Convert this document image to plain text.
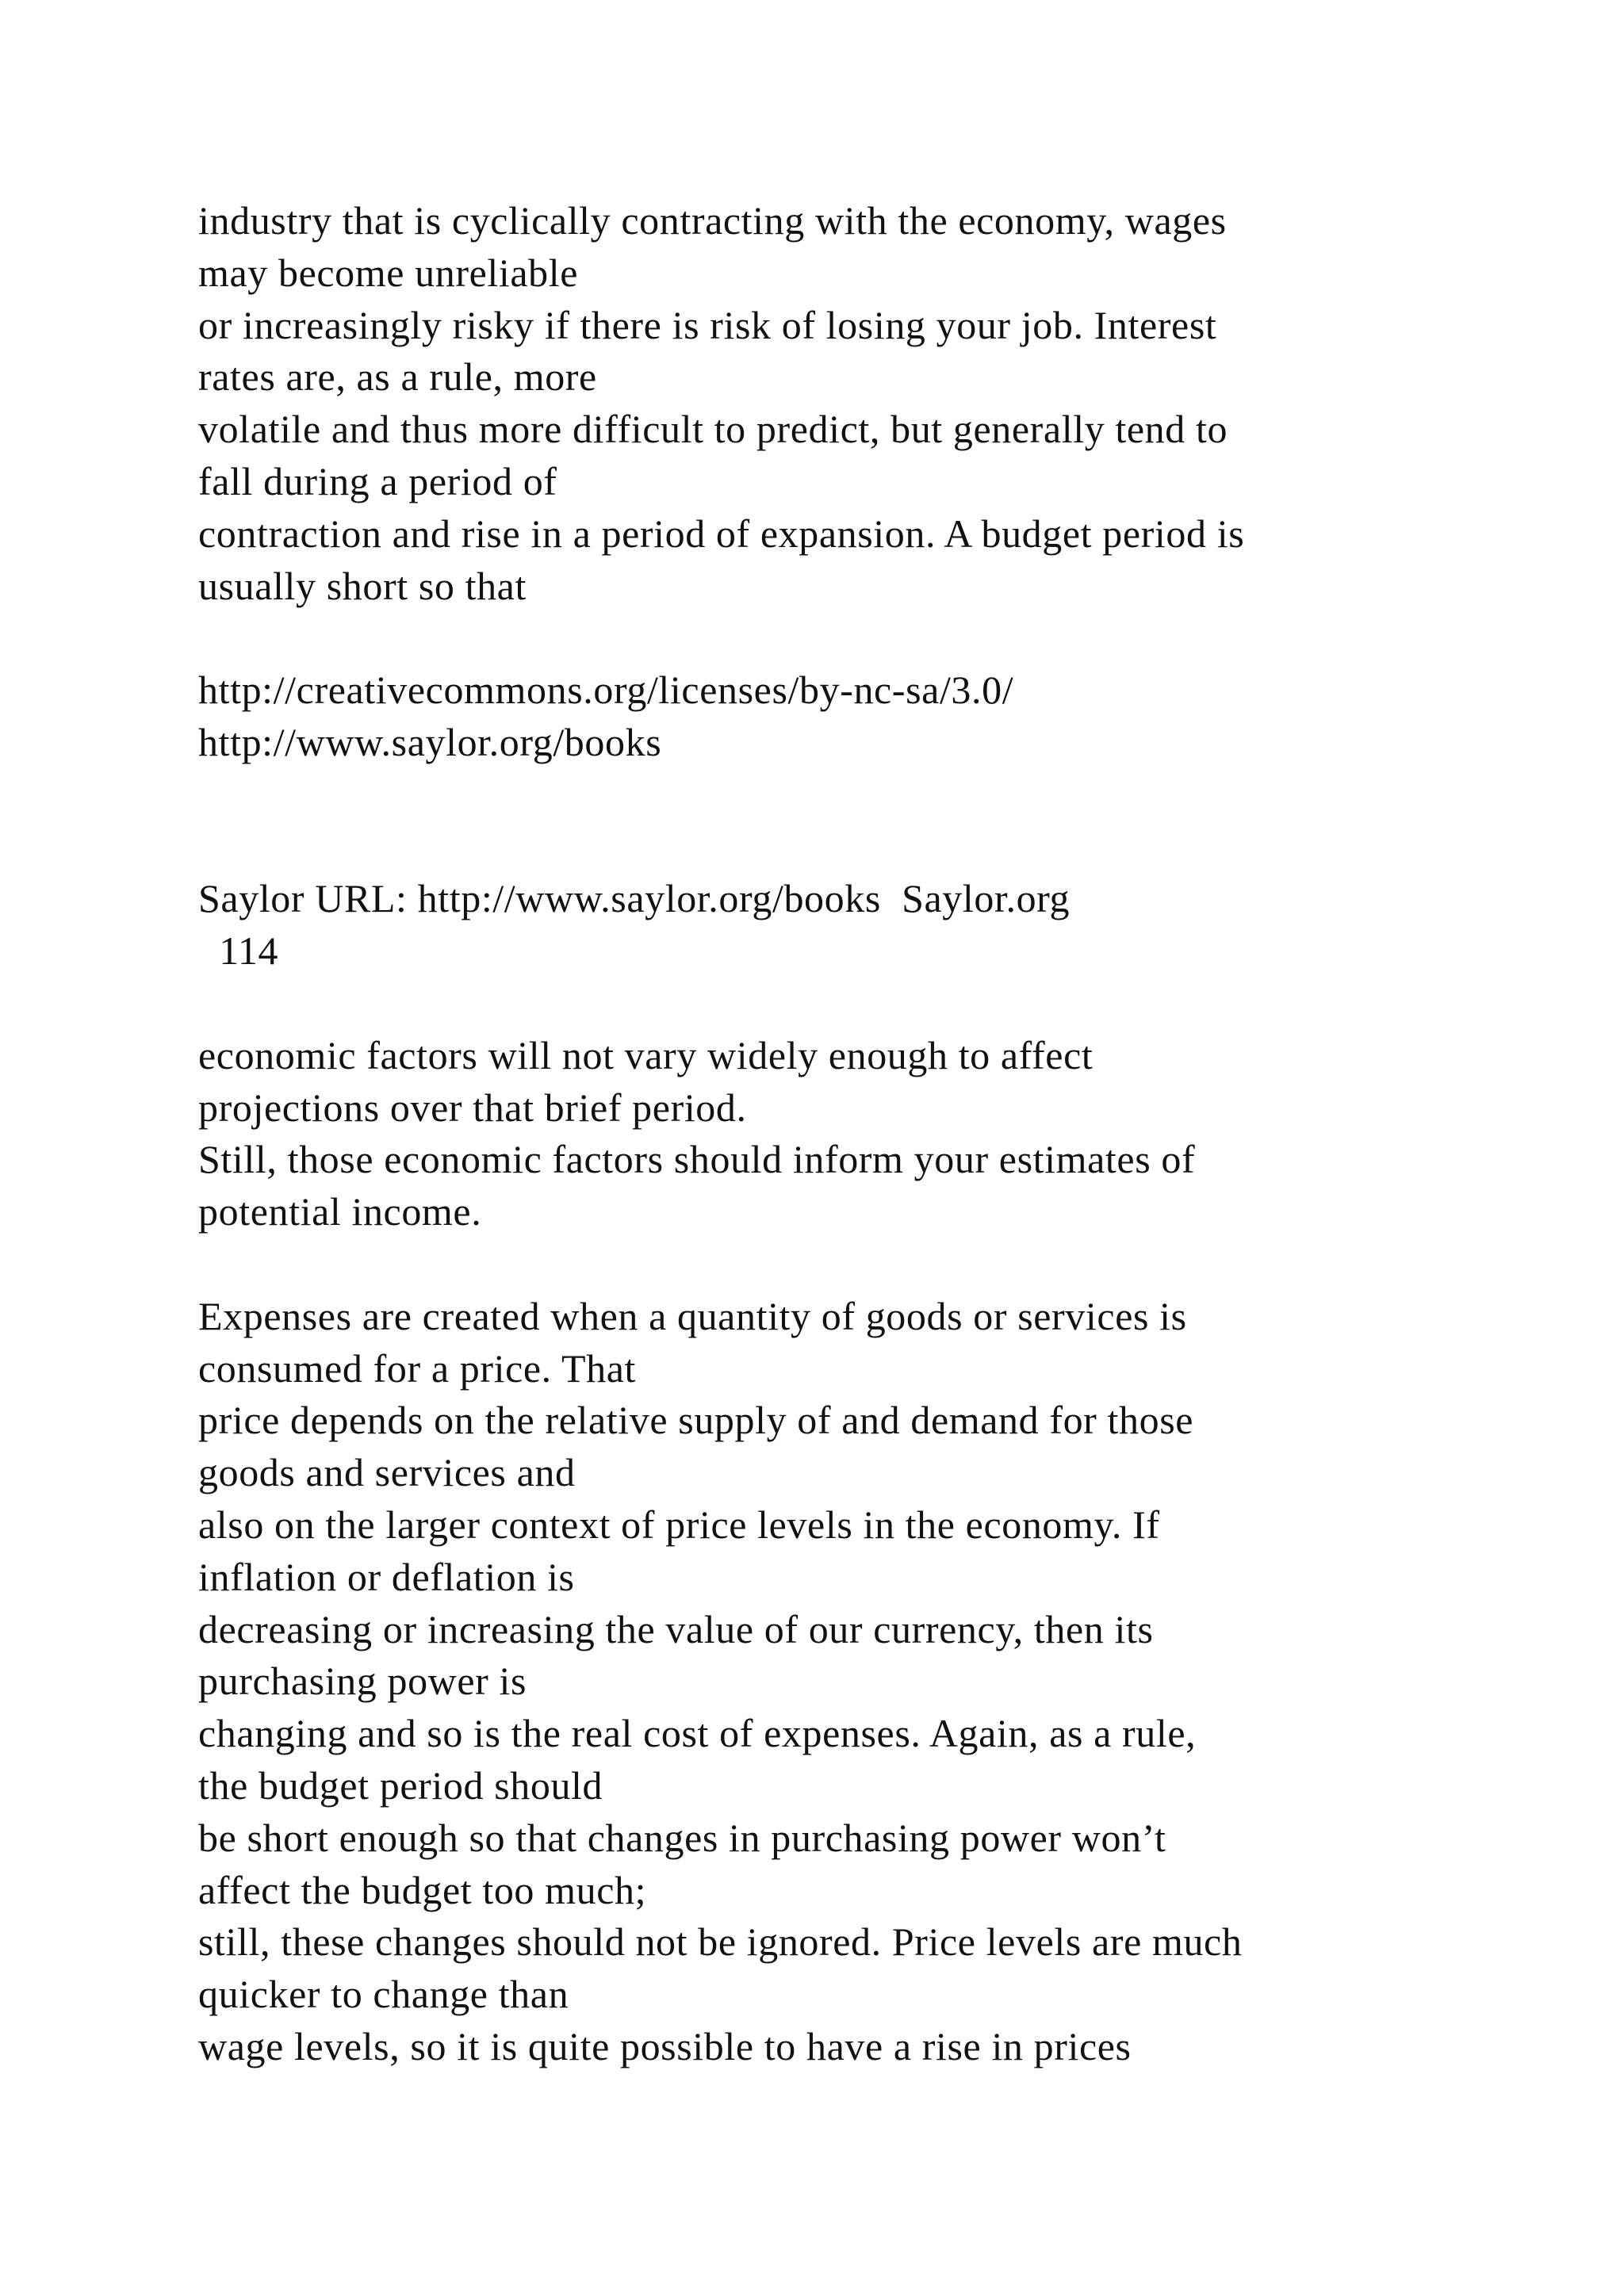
industry that is cyclically contracting with the economy, wages
may become unreliable
or increasingly risky if there is risk of losing your job. Interest
rates are, as a rule, more
volatile and thus more difficult to predict, but generally tend to
fall during a period of
contraction and rise in a period of expansion. A budget period is
usually short so that
http://creativecommons.org/licenses/by-nc-sa/3.0/
http://www.saylor.org/books
Saylor URL: http://www.saylor.org/books  Saylor.org
114
economic factors will not vary widely enough to affect
projections over that brief period.
Still, those economic factors should inform your estimates of
potential income.
Expenses are created when a quantity of goods or services is
consumed for a price. That
price depends on the relative supply of and demand for those
goods and services and
also on the larger context of price levels in the economy. If
inflation or deflation is
decreasing or increasing the value of our currency, then its
purchasing power is
changing and so is the real cost of expenses. Again, as a rule,
the budget period should
be short enough so that changes in purchasing power won’t
affect the budget too much;
still, these changes should not be ignored. Price levels are much
quicker to change than
wage levels, so it is quite possible to have a rise in prices
